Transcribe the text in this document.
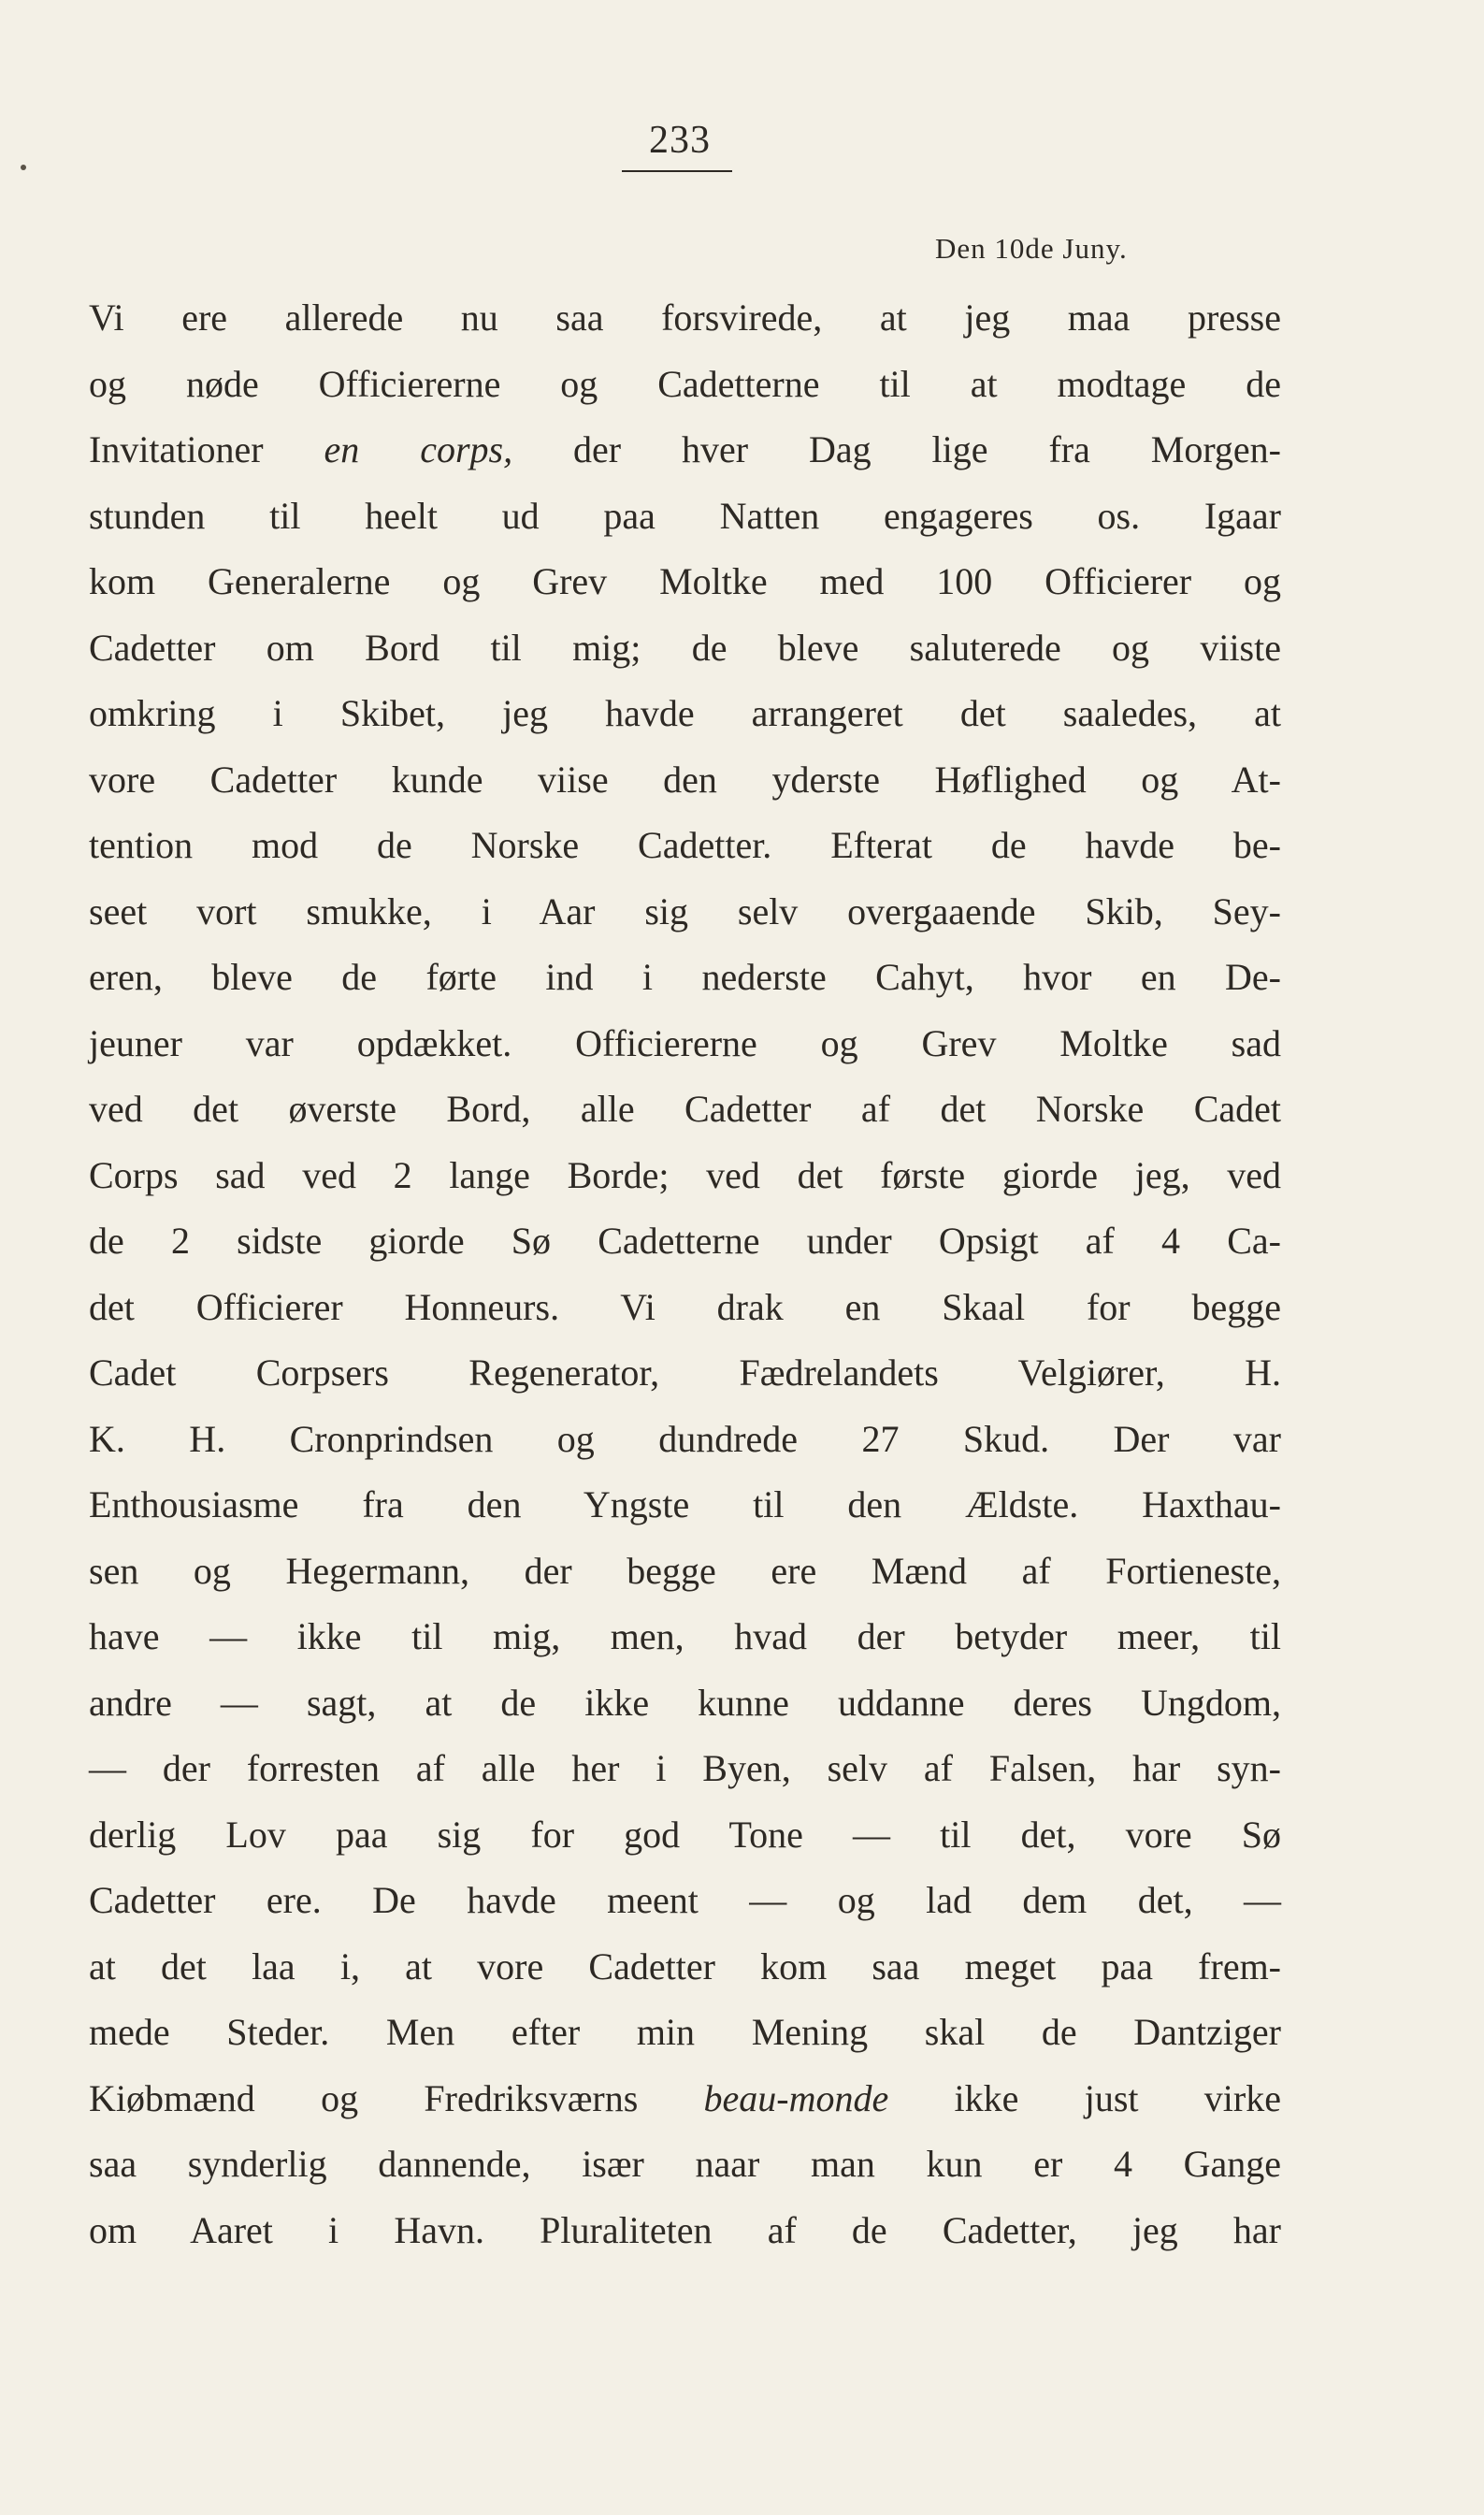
233
Den 10de Juny.
Vi ere allerede nu saa forsvirede, at jeg maa presse
og nøde Officiererne og Cadetterne til at modtage de
Invitationer en corps, der hver Dag lige fra Morgen-
stunden til heelt ud paa Natten engageres os. Igaar
kom Generalerne og Grev Moltke med 100 Officierer og
Cadetter om Bord til mig; de bleve saluterede og viiste
omkring i Skibet, jeg havde arrangeret det saaledes, at
vore Cadetter kunde viise den yderste Høflighed og At-
tention mod de Norske Cadetter. Efterat de havde be-
seet vort smukke, i Aar sig selv overgaaende Skib, Sey-
eren, bleve de førte ind i nederste Cahyt, hvor en De-
jeuner var opdækket. Officiererne og Grev Moltke sad
ved det øverste Bord, alle Cadetter af det Norske Cadet
Corps sad ved 2 lange Borde; ved det første giorde jeg, ved
de 2 sidste giorde Sø Cadetterne under Opsigt af 4 Ca-
det Officierer Honneurs. Vi drak en Skaal for begge
Cadet Corpsers Regenerator, Fædrelandets Velgiører, H.
K. H. Cronprindsen og dundrede 27 Skud. Der var
Enthousiasme fra den Yngste til den Ældste. Haxthau-
sen og Hegermann, der begge ere Mænd af Fortieneste,
have — ikke til mig, men, hvad der betyder meer, til
andre — sagt, at de ikke kunne uddanne deres Ungdom,
— der forresten af alle her i Byen, selv af Falsen, har syn-
derlig Lov paa sig for god Tone — til det, vore Sø
Cadetter ere. De havde meent — og lad dem det, —
at det laa i, at vore Cadetter kom saa meget paa frem-
mede Steder. Men efter min Mening skal de Dantziger
Kiøbmænd og Fredriksværns beau-monde ikke just virke
saa synderlig dannende, især naar man kun er 4 Gange
om Aaret i Havn. Pluraliteten af de Cadetter, jeg har
